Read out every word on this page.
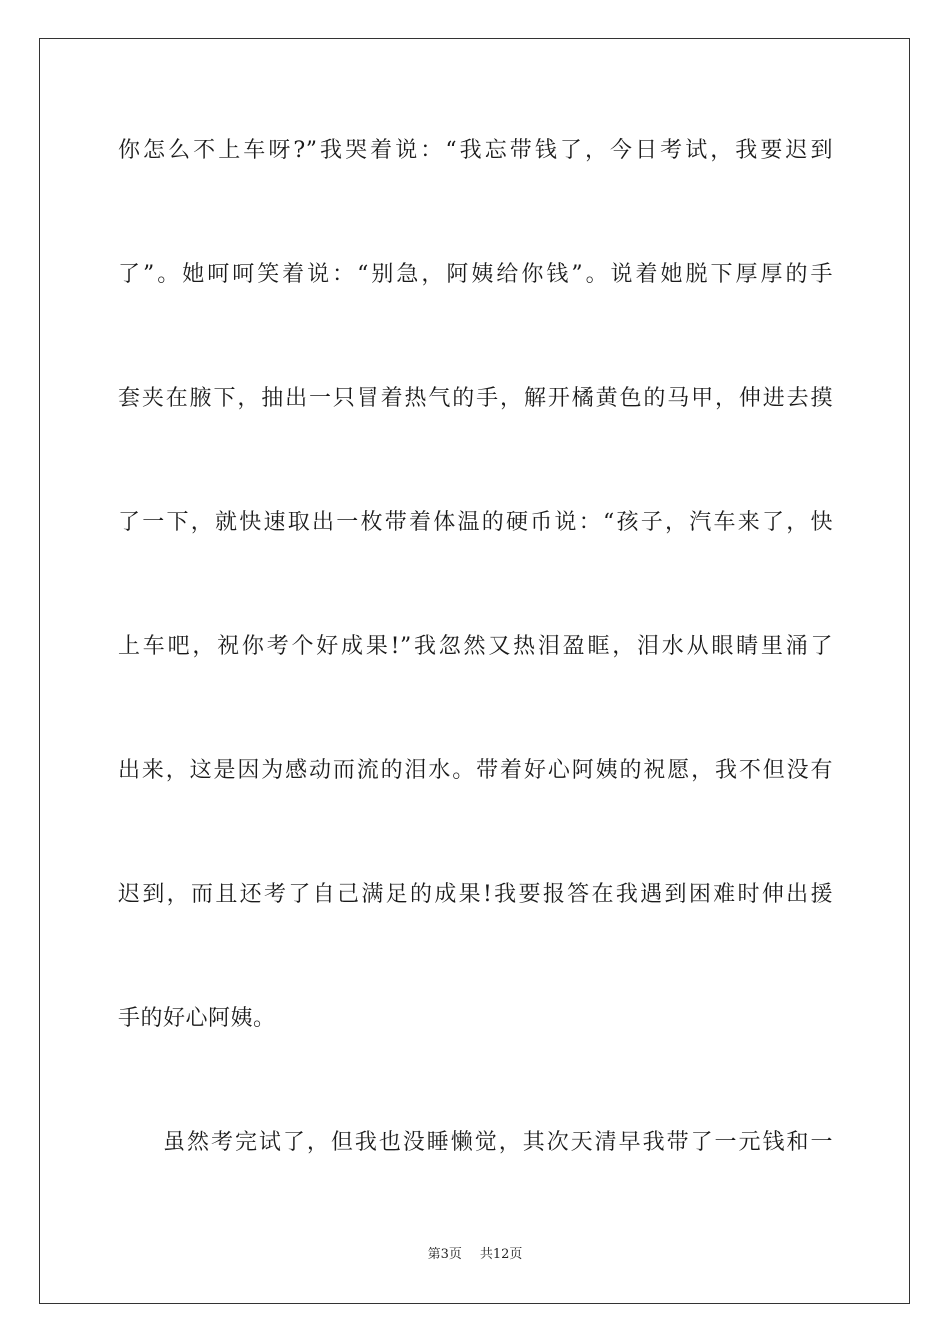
你怎么不上车呀?”我哭着说：“我忘带钱了，今日考试，我要迟到
了”。她呵呵笑着说：“别急，阿姨给你钱”。说着她脱下厚厚的手
套夹在腋下，抽出一只冒着热气的手，解开橘黄色的马甲，伸进去摸
了一下，就快速取出一枚带着体温的硬币说：“孩子，汽车来了，快
上车吧，祝你考个好成果!”我忽然又热泪盈眶，泪水从眼睛里涌了
出来，这是因为感动而流的泪水。带着好心阿姨的祝愿，我不但没有
迟到，而且还考了自己满足的成果!我要报答在我遇到困难时伸出援
手的好心阿姨。
虽然考完试了，但我也没睡懒觉，其次天清早我带了一元钱和一
第3页 共12页
